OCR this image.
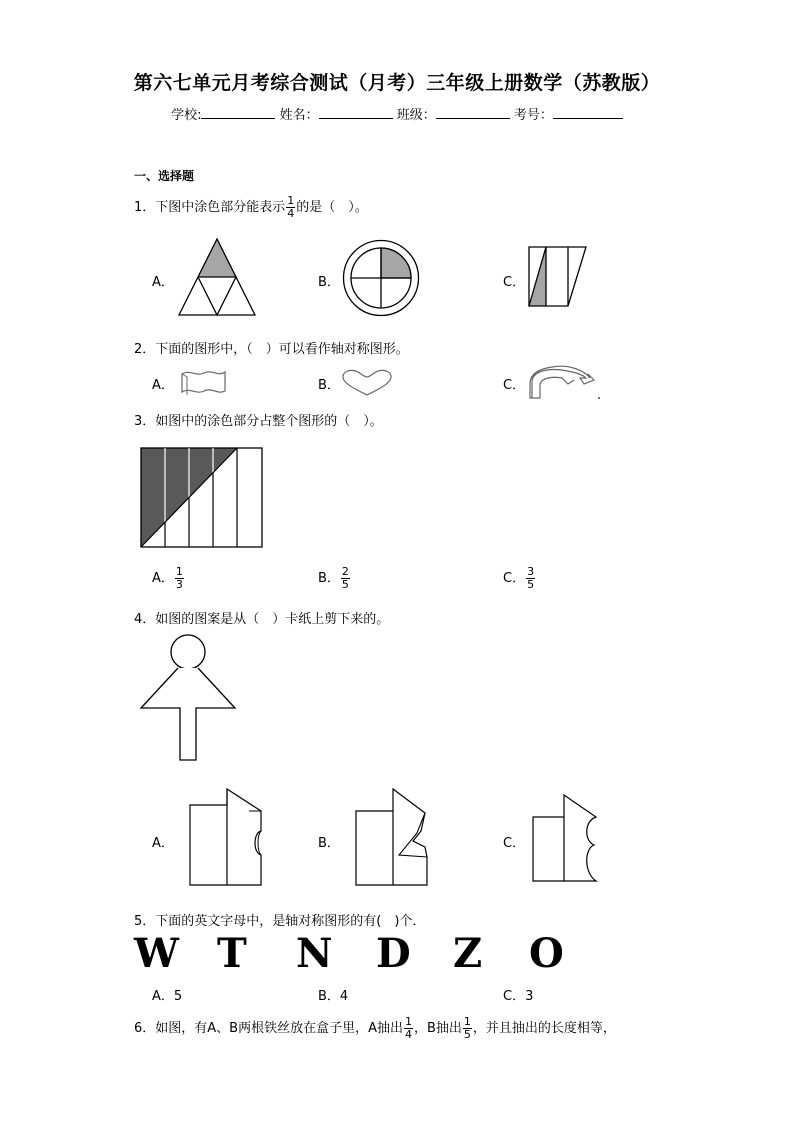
第六七单元月考综合测试（月考）三年级上册数学（苏教版）
学校:	姓名：	班级：	考号：
一、选择题
1．下图中涂色部分能表示 $\frac{1}{4}$ 的是（　）。
A．	B．	C．
2．下面的图形中，（　）可以看作轴对称图形。
A．	B．	C．
3．如图中的涂色部分占整个图形的（　）。
A． $\frac{1}{3}$	B． $\frac{2}{5}$	C． $\frac{3}{5}$
4．如图的图案是从（　）卡纸上剪下来的。
A．	B．	C．
5．下面的英文字母中，是轴对称图形的有(　)个．
W T N D Z O
A．5	B．4	C．3
6．如图，有A、B两根铁丝放在盒子里，A抽出 $\frac{1}{4}$ ，B抽出 $\frac{1}{5}$ ，并且抽出的长度相等，
